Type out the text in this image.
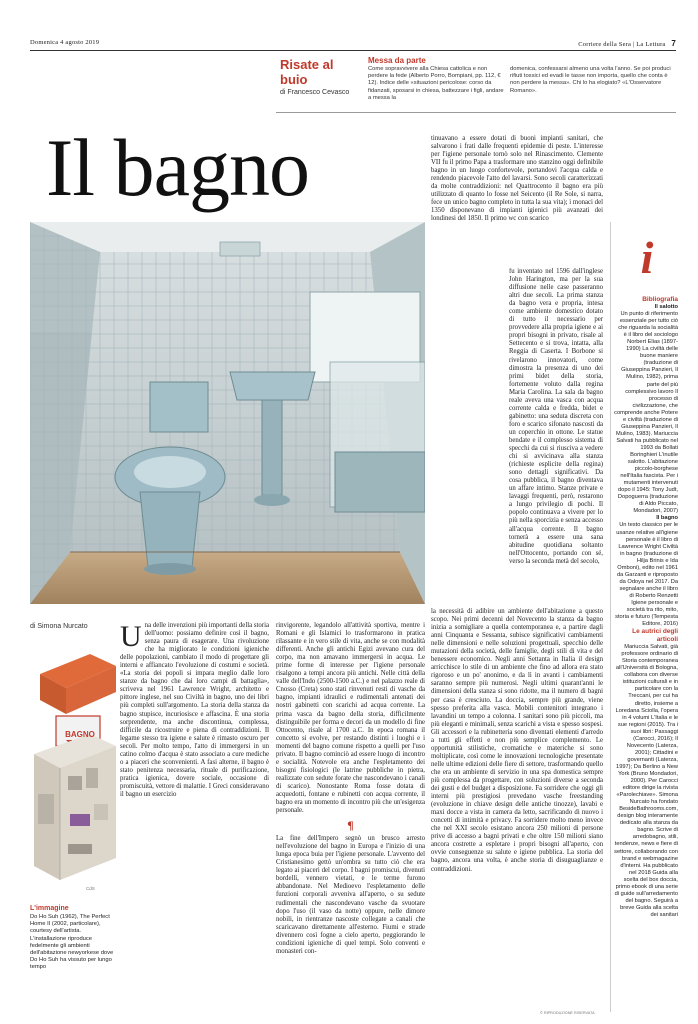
Domenica 4 agosto 2019	Corriere della Sera | La Lettura 7
Risate al buio
di Francesco Cevasco
Messa da parte
Come sopravvivere alla Chiesa cattolica e non perdere la fede (Alberto Porro, Bompiani, pp. 112, € 12). Indice delle «situazioni pericolose: corso da fidanzati, sposarsi in chiesa, battezzare i figli, andare a messa la
domenica, confessarsi almeno una volta l'anno. Se poi produci rifiuti tossici ed evadi le tasse non importa, quello che conta è non perdere la messa». Chi lo ha elogiato? «L'Osservatore Romano».
Il bagno	tinuavano a essere dotati di buoni impianti sanitari, che salvarono i frati dalle frequenti epidemie di peste. L'interesse per l'igiene personale tornò solo nel Rinascimento. Clemente VII fu il primo Papa a trasformare uno stanzino oggi definibile bagno in un luogo confortevole, portandovi l'acqua calda e rendendo piacevole l'atto del lavarsi. Sono secoli caratterizzati da molte contraddizioni: nel Quattrocento il bagno era più utilizzato di quanto lo fosse nel Seicento (il Re Sole, si narra, fece un unico bagno completo in tutta la sua vita); i monaci del 1350 disponevano di impianti igienici più avanzati dei londinesi del 1850. Il primo wc con scarico
fu inventato nel 1596 dall'inglese John Harington, ma per la sua diffusione nelle case passeranno altri due secoli. La prima stanza da bagno vera e propria, intesa come ambiente domestico dotato di tutto il necessario per provvedere alla propria igiene e ai propri bisogni in privato, risale al Settecento e si trova, intatta, alla Reggia di Caserta. I Borbone si rivelarono innovatori, come dimostra la presenza di uno dei primi bidet della storia, fortemente voluto dalla regina Maria Carolina. La sala da bagno reale aveva una vasca con acqua corrente calda e fredda, bidet e gabinetto: una seduta discreta con foro e scarico sifonato nascosti da un coperchio in ottone. Le statue bendate e il complesso sistema di specchi da cui si riusciva a vedere chi si avvicinava alla stanza (richieste esplicite della regina) sono dettagli significativi. Da cosa pubblica, il bagno diventava un affare intimo. Stanze private e lavaggi frequenti, però, restarono a lungo privilegio di pochi. Il popolo continuava a vivere per lo più nella sporcizia e senza accesso all'acqua corrente. Il bagno tornerà a essere una sana abitudine quotidiana soltanto nell'Ottocento, portando con sé, verso la seconda metà del secolo,
di Simona Nurcato Una delle invenzioni più importanti della storia dell'uomo: possiamo definire così il bagno, senza paura di esagerare. Una rivoluzione che ha migliorato le condizioni igieniche delle popolazioni, cambiato il modo di progettare gli interni e affiancato l'evoluzione di costumi e società. «La storia dei popoli si impara meglio dalle loro stanze da bagno che dai loro campi di battaglia», scriveva nel 1961 Lawrence Wright, architetto e pittore inglese, nel suo Civiltà in bagno, uno dei libri più completi sull'argomento. La storia della stanza da bagno stupisce, incuriosisce e affascina. È una storia sorprendente, ma anche discontinua, complessa, difficile da ricostruire e piena di contraddizioni. Il legame stesso tra igiene e salute è rimasto oscuro per secoli. Per molto tempo, l'atto di immergersi in un catino colmo d'acqua è stato associato a cure mediche o a piaceri che sconvenienti. A fasi alterne, il bagno è stato penitenza necessaria, rituale di purificazione, pratica igienica, dovere sociale, occasione di promiscuità, vettore di malattie. I Greci consideravano il bagno un esercizio
rinvigorente, legandolo all'attività sportiva, mentre i Romani e gli Islamici lo trasformarono in pratica rilassante e in vero stile di vita, anche se con modalità differenti. Anche gli antichi Egizi avevano cura del corpo, ma non amavano immergersi in acqua. Le prime forme di interesse per l'igiene personale risalgono a tempi ancora più antichi. Nelle città della valle dell'Indo (2500-1500 a.C.) e nel palazzo reale di Cnosso (Creta) sono stati rinvenuti resti di vasche da bagno, impianti idraulici e rudimentali antenati dei nostri gabinetti con scarichi ad acqua corrente. La prima vasca da bagno della storia, difficilmente distinguibile per forma e decori da un modello di fine Ottocento, risale al 1700 a.C. In epoca romana il concetto si evolve, per restando distinti i luoghi e i momenti del bagno comune rispetto a quelli per l'uso privato. Il bagno cominciò ad essere luogo di incontro e socialità. Notevole era anche l'espletamento dei bisogni fisiologici (le latrine pubbliche in pietra, realizzate con sedute forate che nascondevano i canali di scarico). Nonostante Roma fosse dotata di acquedotti, fontane e rubinetti con acqua corrente, il bagno era un momento di incontro più che un'esigenza personale.
¶
La fine dell'Impero segnò un brusco arresto nell'evoluzione del bagno in Europa e l'inizio di una lunga epoca buia per l'igiene personale. L'avvento del Cristianesimo gettò un'ombra su tutto ciò che era legato ai piaceri del corpo. I bagni promiscui, divenuti bordelli, vennero vietati, e le terme furono abbandonate. Nel Medioevo l'espletamento delle funzioni corporali avveniva all'aperto, o su sedute rudimentali che nascondevano vasche da svuotare dopo l'uso (il vaso da notte) oppure, nelle dimore nobili, in rientranze nascoste collegate a canali che scaricavano direttamente all'esterno. Fiumi e strade divennero così fogne a cielo aperto, peggiorando le condizioni igieniche di quel tempi. Solo conventi e monasteri con-
la necessità di adibire un ambiente dell'abitazione a questo scopo. Nei primi decenni del Novecento la stanza da bagno inizia a somigliare a quella contemporanea e, a partire dagli anni Cinquanta e Sessanta, subisce significativi cambiamenti nelle dimensioni e nelle soluzioni progettuali, specchio delle mutazioni della società, delle famiglie, degli stili di vita e del benessere economico. Negli anni Settanta in Italia il design arricchisce lo stile di un ambiente che fino ad allora era stato rigoroso e un po' anonimo, e da lì in avanti i cambiamenti saranno sempre più numerosi. Negli ultimi quarant'anni le dimensioni della stanza si sono ridotte, ma il numero di bagni per casa è cresciuto. La doccia, sempre più grande, viene spesso preferita alla vasca. Mobili contenitori integrano i lavandini un tempo a colonna. I sanitari sono più piccoli, ma più eleganti e minimali, senza scarichi a vista e spesso sospesi. Gli accessori e la rubinetteria sono diventati elementi d'arredo a tutti gli effetti e non più semplice complemento. Le opportunità stilistiche, cromatiche e materiche si sono moltiplicate, così come le innovazioni tecnologiche presentate nelle ultime edizioni delle fiere di settore, trasformando quello che era un ambiente di servizio in una spa domestica sempre più complessa da progettare, con soluzioni diverse a seconda dei gusti e del budget a disposizione. Fa sorridere che oggi gli interni più prestigiosi prevedano vasche freestanding (evoluzione in chiave design delle antiche tinozze), lavabi e maxi docce a vista in camera da letto, sacrificando di nuovo i concetti di intimità e privacy. Fa sorridere molto meno invece che nel XXI secolo esistano ancora 250 milioni di persone prive di accesso a bagni privati e che oltre 150 milioni siano ancora costrette a espletare i propri bisogni all'aperto, con ovvie conseguenze su salute e igiene pubblica. La storia del bagno, ancora una volta, è anche storia di disuguaglianze e contraddizioni.
i
Bibliografia
Il salotto
Un punto di riferimento essenziale per tutto ciò che riguarda la socialità è il libro del sociologo Norbert Elias (1897-1990) La civiltà delle buone maniere (traduzione di Giuseppina Panzieri, Il Mulino, 1982), prima parte del più complessivo lavoro Il processo di civilizzazione, che comprende anche Potere e civiltà (traduzione di Giuseppina Panzieri, Il Mulino, 1983). Mariuccia Salvati ha pubblicato nel 1993 da Bollati Boringhieri L'inutile salotto. L'abitazione piccolo-borghese nell'Italia fascista. Per i mutamenti intervenuti dopo il 1945: Tony Judt, Dopoguerra (traduzione di Aldo Piccato, Mondadori, 2007)
Il bagno
Un testo classico per le usanze relative all'igiene personale è il libro di Lawrence Wright Civiltà in bagno (traduzione di Hilja Brinis e Ida Omboni), edito nel 1961 da Garzanti e riproposto da Odoya nel 2017. Da segnalare anche il libro di Roberto Renzetti Igiene personale e società tra rito, mito, storia e futuro (Tempesta Editore, 2016)
Le autrici degli articoli
Mariuccia Salvati, già professore ordinario di Storia contemporanea all'Università di Bologna, collabora con diverse istituzioni culturali e in particolare con la Treccani, per cui ha diretto, insieme a Loredana Sciolla, l'opera in 4 volumi L'Italia e le sue regioni (2015). Tra i suoi libri: Passaggi (Carocci, 2016); Il Novecento (Laterza, 2001); Cittadini e governanti (Laterza, 1997); Da Berlino a New York (Bruno Mondadori, 2000). Per Carocci editore dirige la rivista «Parolechiave». Simona Nurcato ha fondato BesideBathrooms.com, design blog interamente dedicato alla stanza da bagno. Scrive di arredobagno, stili, tendenze, news e fiere di settore, collaborando con brand e webmagazine d'interni. Ha pubblicato nel 2018 Guida alla scelta del box doccia, primo ebook di una serie di guide sull'arredamento del bagno. Seguirà a breve Guida alla scelta dei sanitari
BAGNO
CdS
L'immagine
Do Ho Suh (1962), The Perfect Home II (2002, particolare), courtesy dell'artista. L'installazione riproduce fedelmente gli ambienti dell'abitazione newyorkese dove Do Ho Suh ha vissuto per lungo tempo
© RIPRODUZIONE RISERVATA
